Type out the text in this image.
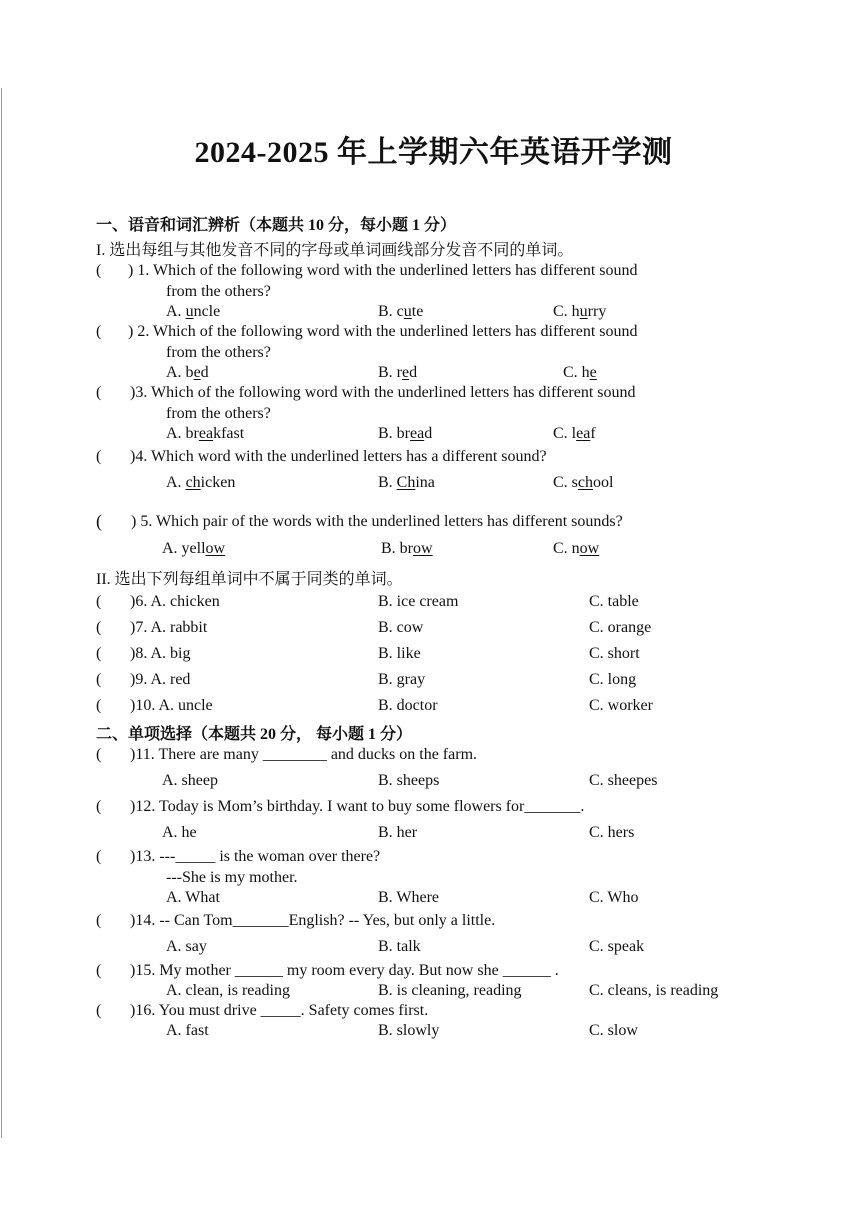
2024-2025 年上学期六年英语开学测
一、语音和词汇辨析（本题共 10 分，每小题 1 分）
I. 选出每组与其他发音不同的字母或单词画线部分发音不同的单词。
( ) 1. Which of the following word with the underlined letters has different sound
from the others?
A. uncle	B. cute	C. hurry
( ) 2. Which of the following word with the underlined letters has different sound
from the others?
A. bed	B. red	C. he
( )3. Which of the following word with the underlined letters has different sound
from the others?
A. breakfast	B. bread	C. leaf
( )4. Which word with the underlined letters has a different sound?
A. chicken	B. China	C. school
( ) 5. Which pair of the words with the underlined letters has different sounds?
A. yellow	B. brow	C. now
II. 选出下列每组单词中不属于同类的单词。
( )6. A. chicken	B. ice cream	C. table
( )7. A. rabbit	B. cow	C. orange
( )8. A. big	B. like	C. short
( )9. A. red	B. gray	C. long
( )10. A. uncle	B. doctor	C. worker
二、单项选择（本题共 20 分， 每小题 1 分）
( )11. There are many ________ and ducks on the farm.
A. sheep	B. sheeps	C. sheepes
( )12. Today is Mom’s birthday. I want to buy some flowers for_______.
A. he	B. her	C. hers
( )13. ---_____ is the woman over there?
---She is my mother.
A. What	B. Where	C. Who
( )14. -- Can Tom_______English? -- Yes, but only a little.
A. say	B. talk	C. speak
( )15. My mother ______ my room every day. But now she ______ .
A. clean, is reading	B. is cleaning, reading	C. cleans, is reading
( )16. You must drive _____. Safety comes first.
A. fast	B. slowly	C. slow
